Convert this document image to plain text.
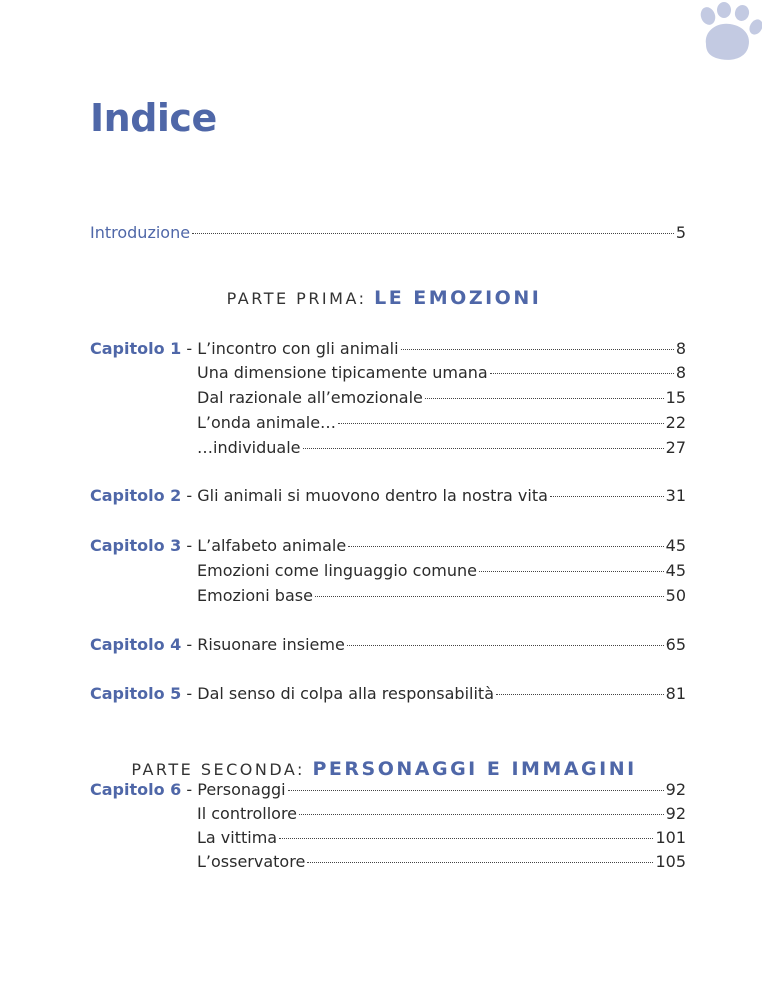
Indice
Introduzione	5
PARTE PRIMA: LE EMOZIONI
Capitolo 1 - L’incontro con gli animali	8
Una dimensione tipicamente umana	8
Dal razionale all’emozionale	15
L’onda animale…	22
…individuale	27
Capitolo 2 - Gli animali si muovono dentro la nostra vita	31
Capitolo 3 - L’alfabeto animale	45
Emozioni come linguaggio comune	45
Emozioni base	50
Capitolo 4 - Risuonare insieme	65
Capitolo 5 - Dal senso di colpa alla responsabilità	81
Capitolo 6 - Personaggi	92
Il controllore	92
La vittima	101
L’osservatore	105
PARTE SECONDA: PERSONAGGI E IMMAGINI
